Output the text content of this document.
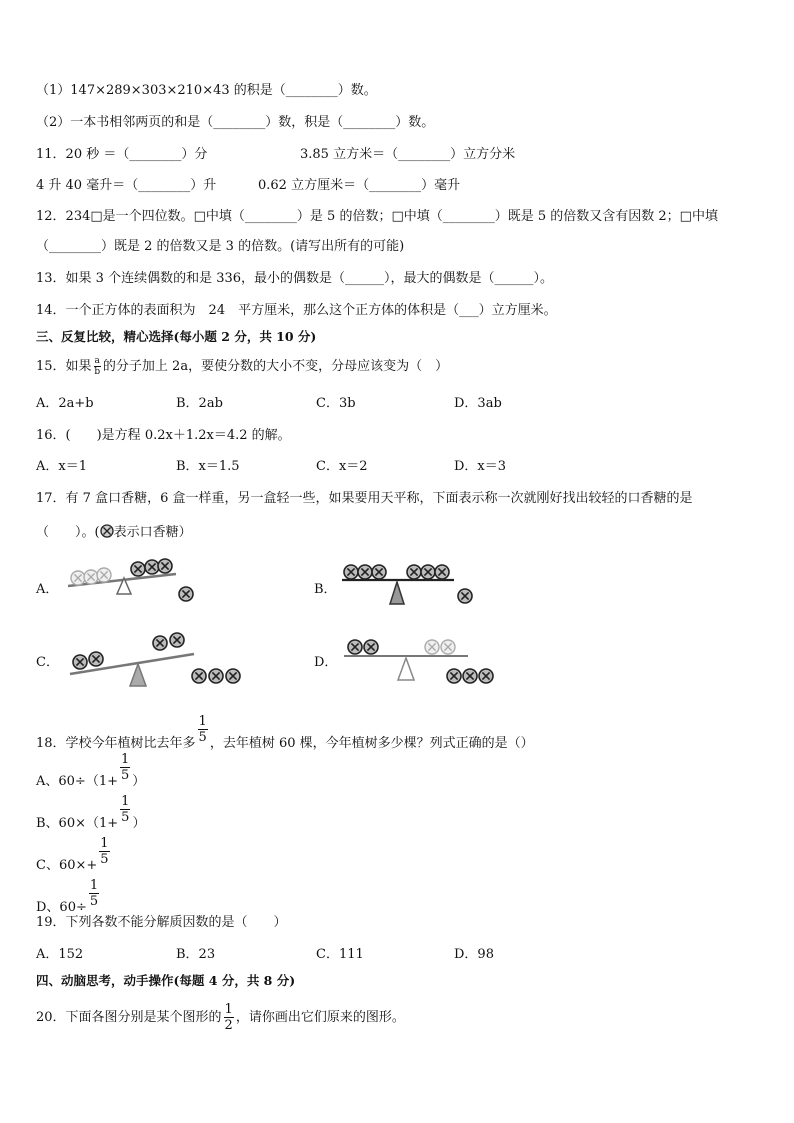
（1）147×289×303×210×43 的积是（________）数。
（2）一本书相邻两页的和是（________）数，积是（________）数。
11．20 秒 ＝（________）分	3.85 立方米＝（________）立方分米
4 升 40 毫升＝（________）升	0.62 立方厘米＝（________）毫升
12．234□是一个四位数。□中填（________）是 5 的倍数；□中填（________）既是 5 的倍数又含有因数 2；□中填
（________）既是 2 的倍数又是 3 的倍数。(请写出所有的可能)
13．如果 3 个连续偶数的和是 336，最小的偶数是（______），最大的偶数是（______）。
14．一个正方体的表面积为　24　平方厘米，那么这个正方体的体积是（___）立方厘米。
三、反复比较，精心选择(每小题 2 分，共 10 分)
15．如果 $\frac{a}{b}$ 的分子加上 2a，要使分数的大小不变，分母应该变为（　）
A．2a+b	B．2ab	C．3b	D．3ab
16．(　　)是方程 0.2x＋1.2x＝4.2 的解。
A．x＝1	B．x＝1.5	C．x＝2	D．x＝3
17．有 7 盒口香糖，6 盒一样重，另一盒轻一些，如果要用天平称，下面表示称一次就刚好找出较轻的口香糖的是
（　　）。( 表示口香糖）
A．	B．
C．	D．
18．学校今年植树比去年多 $\frac{1}{5}$ ，去年植树 60 棵，今年植树多少棵？列式正确的是（）
A、$60\div(1+ \frac{1}{5}$ ）
B、$60\times(1+ \frac{1}{5}$ ）
C、$60\times+ \frac{1}{5}$
D、$60\div \frac{1}{5}$
19．下列各数不能分解质因数的是（　　）
A．152	B．23	C．111	D．98
四、动脑思考，动手操作(每题 4 分，共 8 分)
20．下面各图分别是某个图形的 $\frac{1}{2}$ ，请你画出它们原来的图形。
